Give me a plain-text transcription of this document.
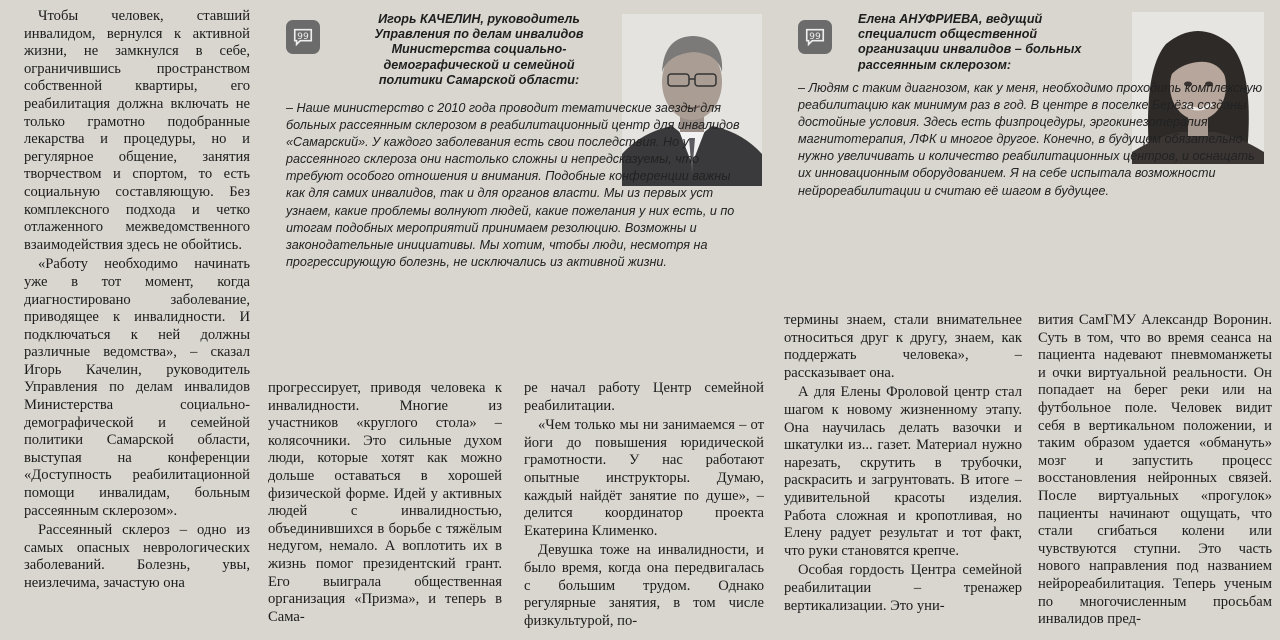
Чтобы человек, ставший инвалидом, вернулся к активной жизни, не замкнулся в себе, ограничившись пространством собственной квартиры, его реабилитация должна включать не только грамотно подобранные лекарства и процедуры, но и регулярное общение, занятия творчеством и спортом, то есть социальную составляющую. Без комплексного подхода и четко отлаженного межведомственного взаимодействия здесь не обойтись.

«Работу необходимо начинать уже в тот момент, когда диагностировано заболевание, приводящее к инвалидности. И подключаться к ней должны различные ведомства», – сказал Игорь Качелин, руководитель Управления по делам инвалидов Министерства социально-демографической и семейной политики Самарской области, выступая на конференции «Доступность реабилитационной помощи инвалидам, больным рассеянным склерозом».

Рассеянный склероз – одно из самых опасных неврологических заболеваний. Болезнь, увы, неизлечима, зачастую она

99
Игорь КАЧЕЛИН, руководитель
Управления по делам инвалидов Министерства социально-демографической и семейной политики Самарской области:
– Наше министерство с 2010 года проводит тематические заезды для больных рассеянным склерозом в реабилитационный центр для инвалидов «Самарский». У каждого заболевания есть свои последствия. Но у рассеянного склероза они настолько сложны и непредсказуемы, что требуют особого отношения и внимания. Подобные конференции важны как для самих инвалидов, так и для органов власти. Мы из первых уст узнаем, какие проблемы волнуют людей, какие пожелания у них есть, и по итогам подобных мероприятий принимаем резолюцию. Возможны и законодательные инициативы. Мы хотим, чтобы люди, несмотря на прогрессирующую болезнь, не исключались из активной жизни.
99
Елена АНУФРИЕВА, ведущий
специалист общественной организации инвалидов – больных рассеянным склерозом:
– Людям с таким диагнозом, как у меня, необходимо проходить комплексную реабилитацию как минимум раз в год. В центре в поселке Берёза созданы достойные условия. Здесь есть физпроцедуры, эргокинезотерапия, магнитотерапия, ЛФК и многое другое. Конечно, в будущем обязательно нужно увеличивать и количество реабилитационных центров, и оснащать их инновационным оборудованием. Я на себе испытала возможности нейрореабилитации и считаю её шагом в будущее.

прогрессирует, приводя человека к инвалидности. Многие из участников «круглого стола» – колясочники. Это сильные духом люди, которые хотят как можно дольше оставаться в хорошей физической форме. Идей у активных людей с инвалидностью, объединившихся в борьбе с тяжёлым недугом, немало. А воплотить их в жизнь помог президентский грант. Его выиграла общественная организация «Призма», и теперь в Сама-

ре начал работу Центр семейной реабилитации.

«Чем только мы ни занимаемся – от йоги до повышения юридической грамотности. У нас работают опытные инструкторы. Думаю, каждый найдёт занятие по душе», – делится координатор проекта Екатерина Клименко.

Девушка тоже на инвалидности, и было время, когда она передвигалась с большим трудом. Однако регулярные занятия, в том числе физкультурой, по-

термины знаем, стали внимательнее относиться друг к другу, знаем, как поддержать человека», – рассказывает она.

А для Елены Фроловой центр стал шагом к новому жизненному этапу. Она научилась делать вазочки и шкатулки из... газет. Материал нужно нарезать, скрутить в трубочки, раскрасить и загрунтовать. В итоге – удивительной красоты изделия. Работа сложная и кропотливая, но Елену радует результат и тот факт, что руки становятся крепче.

Особая гордость Центра семейной реабилитации – тренажер вертикализации. Это уни-

вития СамГМУ Александр Воронин. Суть в том, что во время сеанса на пациента надевают пневмоманжеты и очки виртуальной реальности. Он попадает на берег реки или на футбольное поле. Человек видит себя в вертикальном положении, и таким образом удается «обмануть» мозг и запустить процесс восстановления нейронных связей. После виртуальных «прогулок» пациенты начинают ощущать, что стали сгибаться колени или чувствуются ступни. Это часть нового направления под названием нейрореабилитация. Теперь ученым по многочисленным просьбам инвалидов пред-
